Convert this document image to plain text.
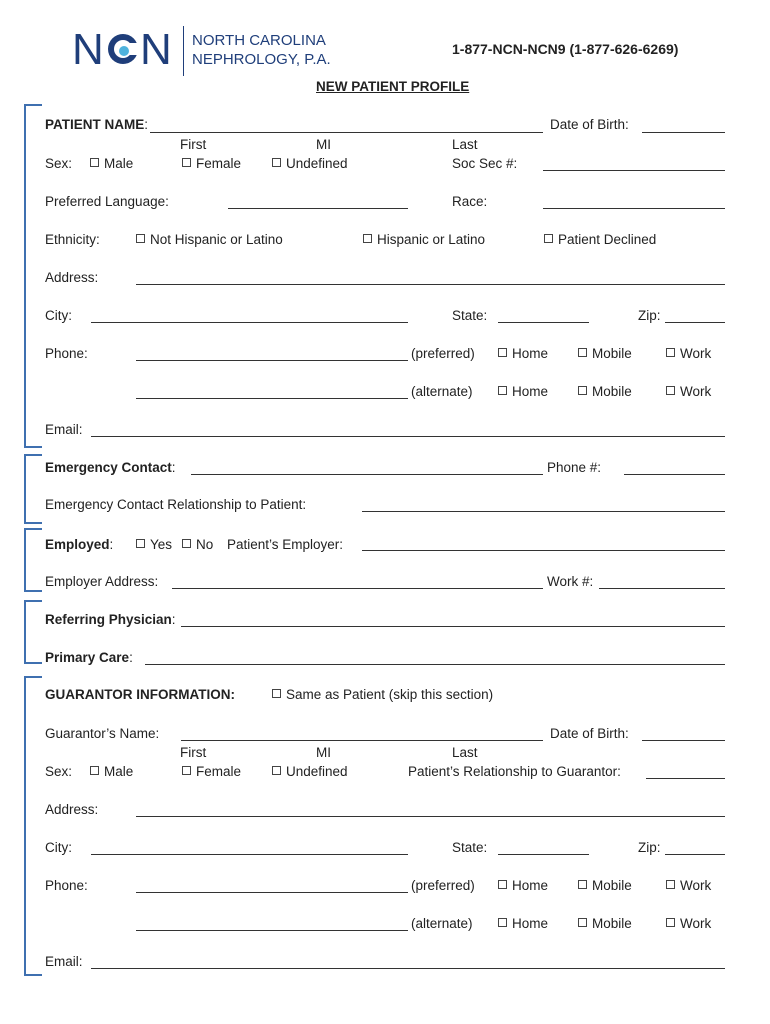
N N NORTH CAROLINA
NEPHROLOGY, P.A.
1-877-NCN-NCN9 (1-877-626-6269)
NEW PATIENT PROFILE
PATIENT NAME:	Date of Birth:
First	MI	Last
Sex:	Male	Female	Undefined	Soc Sec #:
Preferred Language:	Race:
Ethnicity:	Not Hispanic or Latino	Hispanic or Latino	Patient Declined
Address:
City:	State:	Zip:
Phone:	(preferred)	Home	Mobile	Work
(alternate)	Home	Mobile	Work
Email:
Emergency Contact:	Phone #:
Emergency Contact Relationship to Patient:
Employed:	Yes	No Patient’s Employer:
Employer Address:	Work #:
Referring Physician:
Primary Care:
GUARANTOR INFORMATION:	Same as Patient (skip this section)
Guarantor’s Name:	Date of Birth:
First	MI	Last
Sex:	Male	Female	Undefined	Patient’s Relationship to Guarantor:
Address:
City:	State:	Zip:
Phone:	(preferred)	Home	Mobile	Work
(alternate)	Home	Mobile	Work
Email:
